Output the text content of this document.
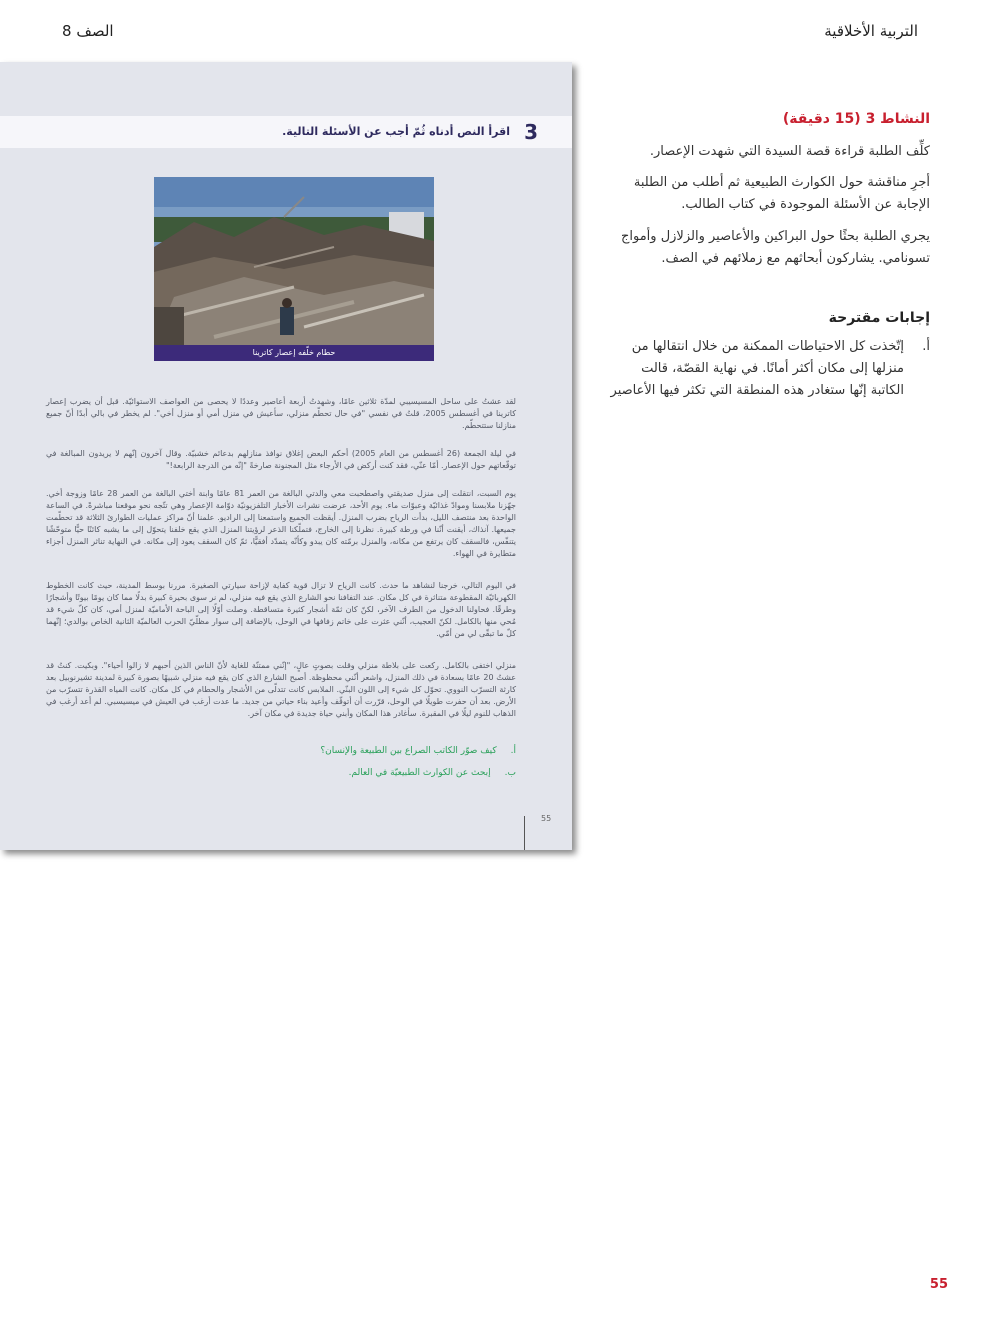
التربية الأخلاقية
الصف 8
اقرأ النص أدناه ثُمّ أجب عن الأسئلة التالية. 3
حطام خلّفه إعصار كاترينا

لقد عشتُ على ساحل المسيسيبي لمدّة ثلاثين عامًا، وشهدتُ أربعة أعاصير وعددًا لا يحصى من العواصف الاستوائيّة. قبل أن يضرب إعصار كاترينا في أغسطس 2005، قلتُ في نفسي "في حال تحطّم منزلي، سأعيش في منزل أمي أو منزل أخي". لم يخطر في بالي أبدًا أنّ جميع منازلنا ستتحطّم.

في ليلة الجمعة (26 أغسطس من العام 2005) أحكم البعض إغلاق نوافذ منازلهم بدعائم خشبيّة. وقال آخرون إنّهم لا يريدون المبالغة في توقّعاتهم حول الإعصار. أمّا عنّي، فقد كنت أركض في الأرجاء مثل المجنونة صارخةً "إنّه من الدرجة الرابعة!"

يوم السبت، انتقلت إلى منزل صديقتي واصطحبت معي والدتي البالغة من العمر 81 عامًا وابنة أختي البالغة من العمر 28 عامًا وزوجة أخي. جهّزنا ملابسنا وموادّ غذائيّة وعبوّات ماء. يوم الأحد، عرضت نشرات الأخبار التلفزيونيّة دوّامة الإعصار وهي تتّجه نحو موقعنا مباشرةً. في الساعة الواحدة بعد منتصف الليل، بدأت الرياح بضرب المنزل. أيقظت الجميع واستمعنا إلى الراديو. علمنا أنّ مراكز عمليات الطوارئ الثلاثة قد تحطّمت جميعها. آنذاك، أيقنت أنّنا في ورطة كبيرة. نظرنا إلى الخارج، فتملّكنا الذعر لرؤيتنا المنزل الذي يقع خلفنا يتحوّل إلى ما يشبه كائنًا حيًّا متوحّشًا يتنفّس، فالسقف كان يرتفع من مكانه، والمنزل برمّته كان يبدو وكأنّه يتمدّد أفقيًّا، ثمّ كان السقف يعود إلى مكانه. في النهاية تناثر المنزل أجزاء متطايرة في الهواء.

في اليوم التالي، خرجنا لنشاهد ما حدث. كانت الرياح لا تزال قوية كفاية لإزاحة سيارتي الصغيرة. مررنا بوسط المدينة، حيث كانت الخطوط الكهربائيّة المقطوعة متناثرة في كل مكان. عند التفافنا نحو الشارع الذي يقع فيه منزلي، لم نر سوى بحيرة كبيرة بدلًا مما كان يومًا بيوتًا وأشجارًا وطرقًا. فحاولنا الدخول من الطرف الآخر، لكنّ كان ثمّة أشجار كثيرة متساقطة. وصلت أوّلًا إلى الباحة الأماميّة لمنزل أمي، كان كلّ شيء قد مُحي منها بالكامل. لكنّ العجيب، أنّني عثرت على خاتم زفافها في الوحل، بالإضافة إلى سوار مظلّيّ الحرب العالميّة الثانية الخاص بوالدي؛ إنّهما كلّ ما تبقّى لي من أمّي.

منزلي اختفى بالكامل. ركعت على بلاطة منزلي وقلت بصوتٍ عالٍ، "إنّني ممتنّة للغاية لأنّ الناس الذين أحبهم لا زالوا أحياء". وبكيت. كنتُ قد عشتُ 20 عامًا بسعادة في ذلك المنزل، واشعر أنّني محظوظة. أصبح الشارع الذي كان يقع فيه منزلي شبيهًا بصورة كبيرة لمدينة تشيرنوبيل بعد كارثة التسرّب النووي. تحوّل كل شيء إلى اللون البنّي. الملابس كانت تتدلّى من الأشجار والحطام في كل مكان. كانت المياه القذرة تتسرّب من الأرض. بعد أن حفرت طويلًا في الوحل، قرّرت أن أتوقّف وأعيد بناء حياتي من جديد. ما عدت أرغب في العيش في ميسيسبي. لم أعد أرغب في الذهاب للنوم ليلًا في المقبرة. سأغادر هذا المكان وأبني حياة جديدة في مكان آخر.

أ.كيف صوّر الكاتب الصراع بين الطبيعة والإنسان؟
ب.إبحث عن الكوارث الطبيعيّة في العالم.
55
النشاط 3 (15 دقيقة)

كلِّف الطلبة قراءة قصة السيدة التي شهدت الإعصار.

أجرِ مناقشة حول الكوارث الطبيعية ثم أطلب من الطلبة الإجابة عن الأسئلة الموجودة في كتاب الطالب.

يجري الطلبة بحثًا حول البراكين والأعاصير والزلازل وأمواج تسونامي. يشاركون أبحاثهم مع زملائهم في الصف.

إجابات مقترحة
أ.
إتّخذت كل الاحتياطات الممكنة من خلال انتقالها من منزلها إلى مكان أكثر أمانًا. في نهاية القصّة، قالت الكاتبة إنّها ستغادر هذه المنطقة التي تكثر فيها الأعاصير
55
